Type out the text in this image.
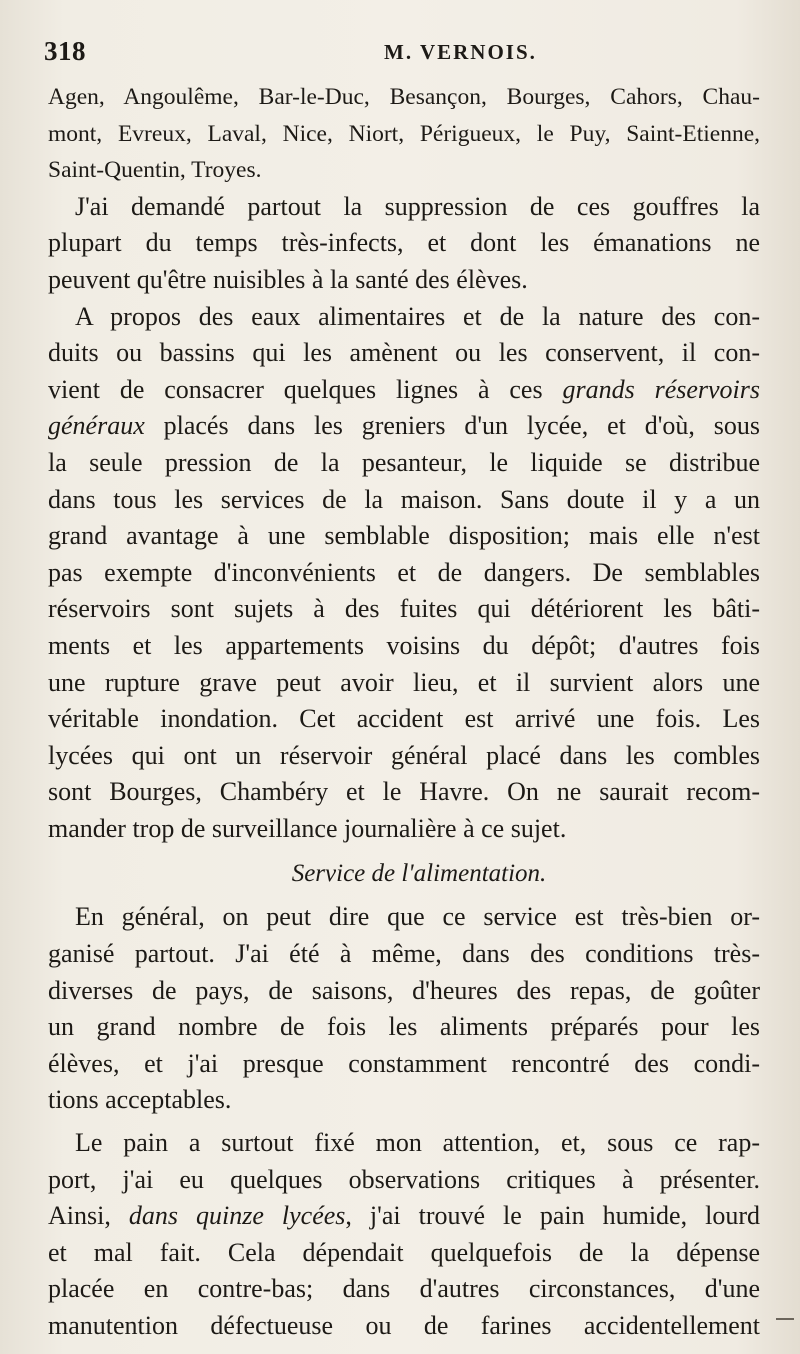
318	M. VERNOIS.
Agen, Angoulême, Bar-le-Duc, Besançon, Bourges, Cahors, Chau-
mont, Evreux, Laval, Nice, Niort, Périgueux, le Puy, Saint-Etienne,
Saint-Quentin, Troyes.
J'ai demandé partout la suppression de ces gouffres la
plupart du temps très-infects, et dont les émanations ne
peuvent qu'être nuisibles à la santé des élèves.
A propos des eaux alimentaires et de la nature des con-
duits ou bassins qui les amènent ou les conservent, il con-
vient de consacrer quelques lignes à ces grands réservoirs
généraux placés dans les greniers d'un lycée, et d'où, sous
la seule pression de la pesanteur, le liquide se distribue
dans tous les services de la maison. Sans doute il y a un
grand avantage à une semblable disposition; mais elle n'est
pas exempte d'inconvénients et de dangers. De semblables
réservoirs sont sujets à des fuites qui détériorent les bâti-
ments et les appartements voisins du dépôt; d'autres fois
une rupture grave peut avoir lieu, et il survient alors une
véritable inondation. Cet accident est arrivé une fois. Les
lycées qui ont un réservoir général placé dans les combles
sont Bourges, Chambéry et le Havre. On ne saurait recom-
mander trop de surveillance journalière à ce sujet.
Service de l'alimentation.
En général, on peut dire que ce service est très-bien or-
ganisé partout. J'ai été à même, dans des conditions très-
diverses de pays, de saisons, d'heures des repas, de goûter
un grand nombre de fois les aliments préparés pour les
élèves, et j'ai presque constamment rencontré des condi-
tions acceptables.
Le pain a surtout fixé mon attention, et, sous ce rap-
port, j'ai eu quelques observations critiques à présenter.
Ainsi, dans quinze lycées, j'ai trouvé le pain humide, lourd
et mal fait. Cela dépendait quelquefois de la dépense
placée en contre-bas; dans d'autres circonstances, d'une
manutention défectueuse ou de farines accidentellement
